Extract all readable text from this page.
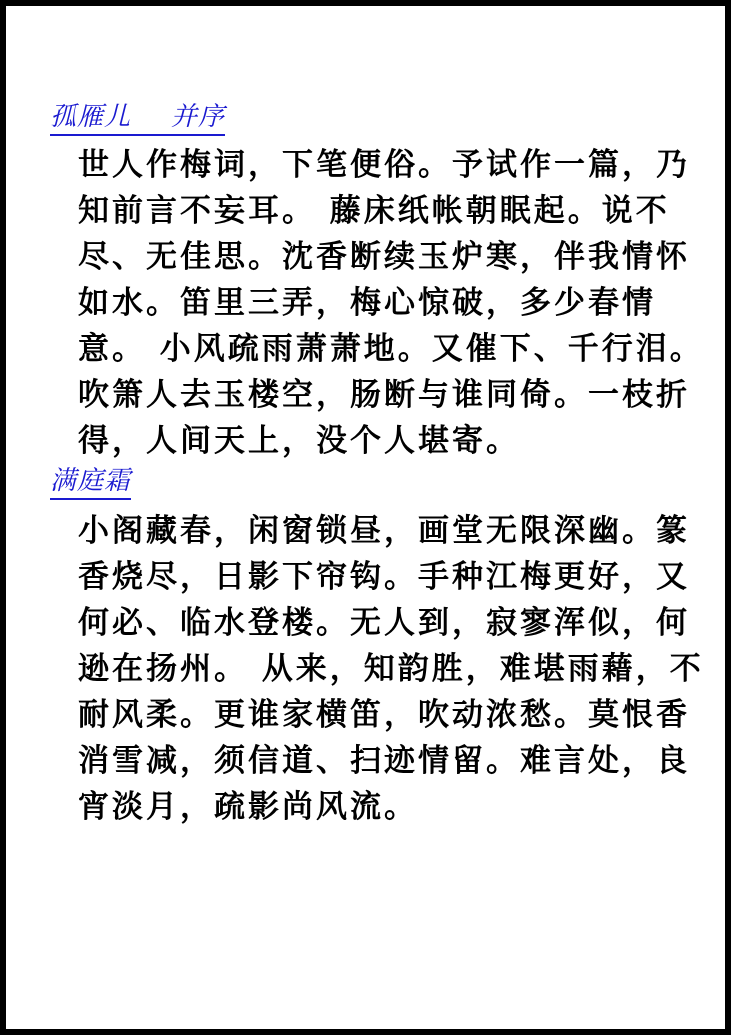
孤雁儿 并序
世人作梅词，下笔便俗。予试作一篇，乃
知前言不妄耳。 藤床纸帐朝眠起。说不
尽、无佳思。沈香断续玉炉寒，伴我情怀
如水。笛里三弄，梅心惊破，多少春情
意。 小风疏雨萧萧地。又催下、千行泪。
吹箫人去玉楼空，肠断与谁同倚。一枝折
得，人间天上，没个人堪寄。
满庭霜
小阁藏春，闲窗锁昼，画堂无限深幽。篆
香烧尽，日影下帘钩。手种江梅更好，又
何必、临水登楼。无人到，寂寥浑似，何
逊在扬州。 从来，知韵胜，难堪雨藉，不
耐风柔。更谁家横笛，吹动浓愁。莫恨香
消雪减，须信道、扫迹情留。难言处，良
宵淡月，疏影尚风流。
